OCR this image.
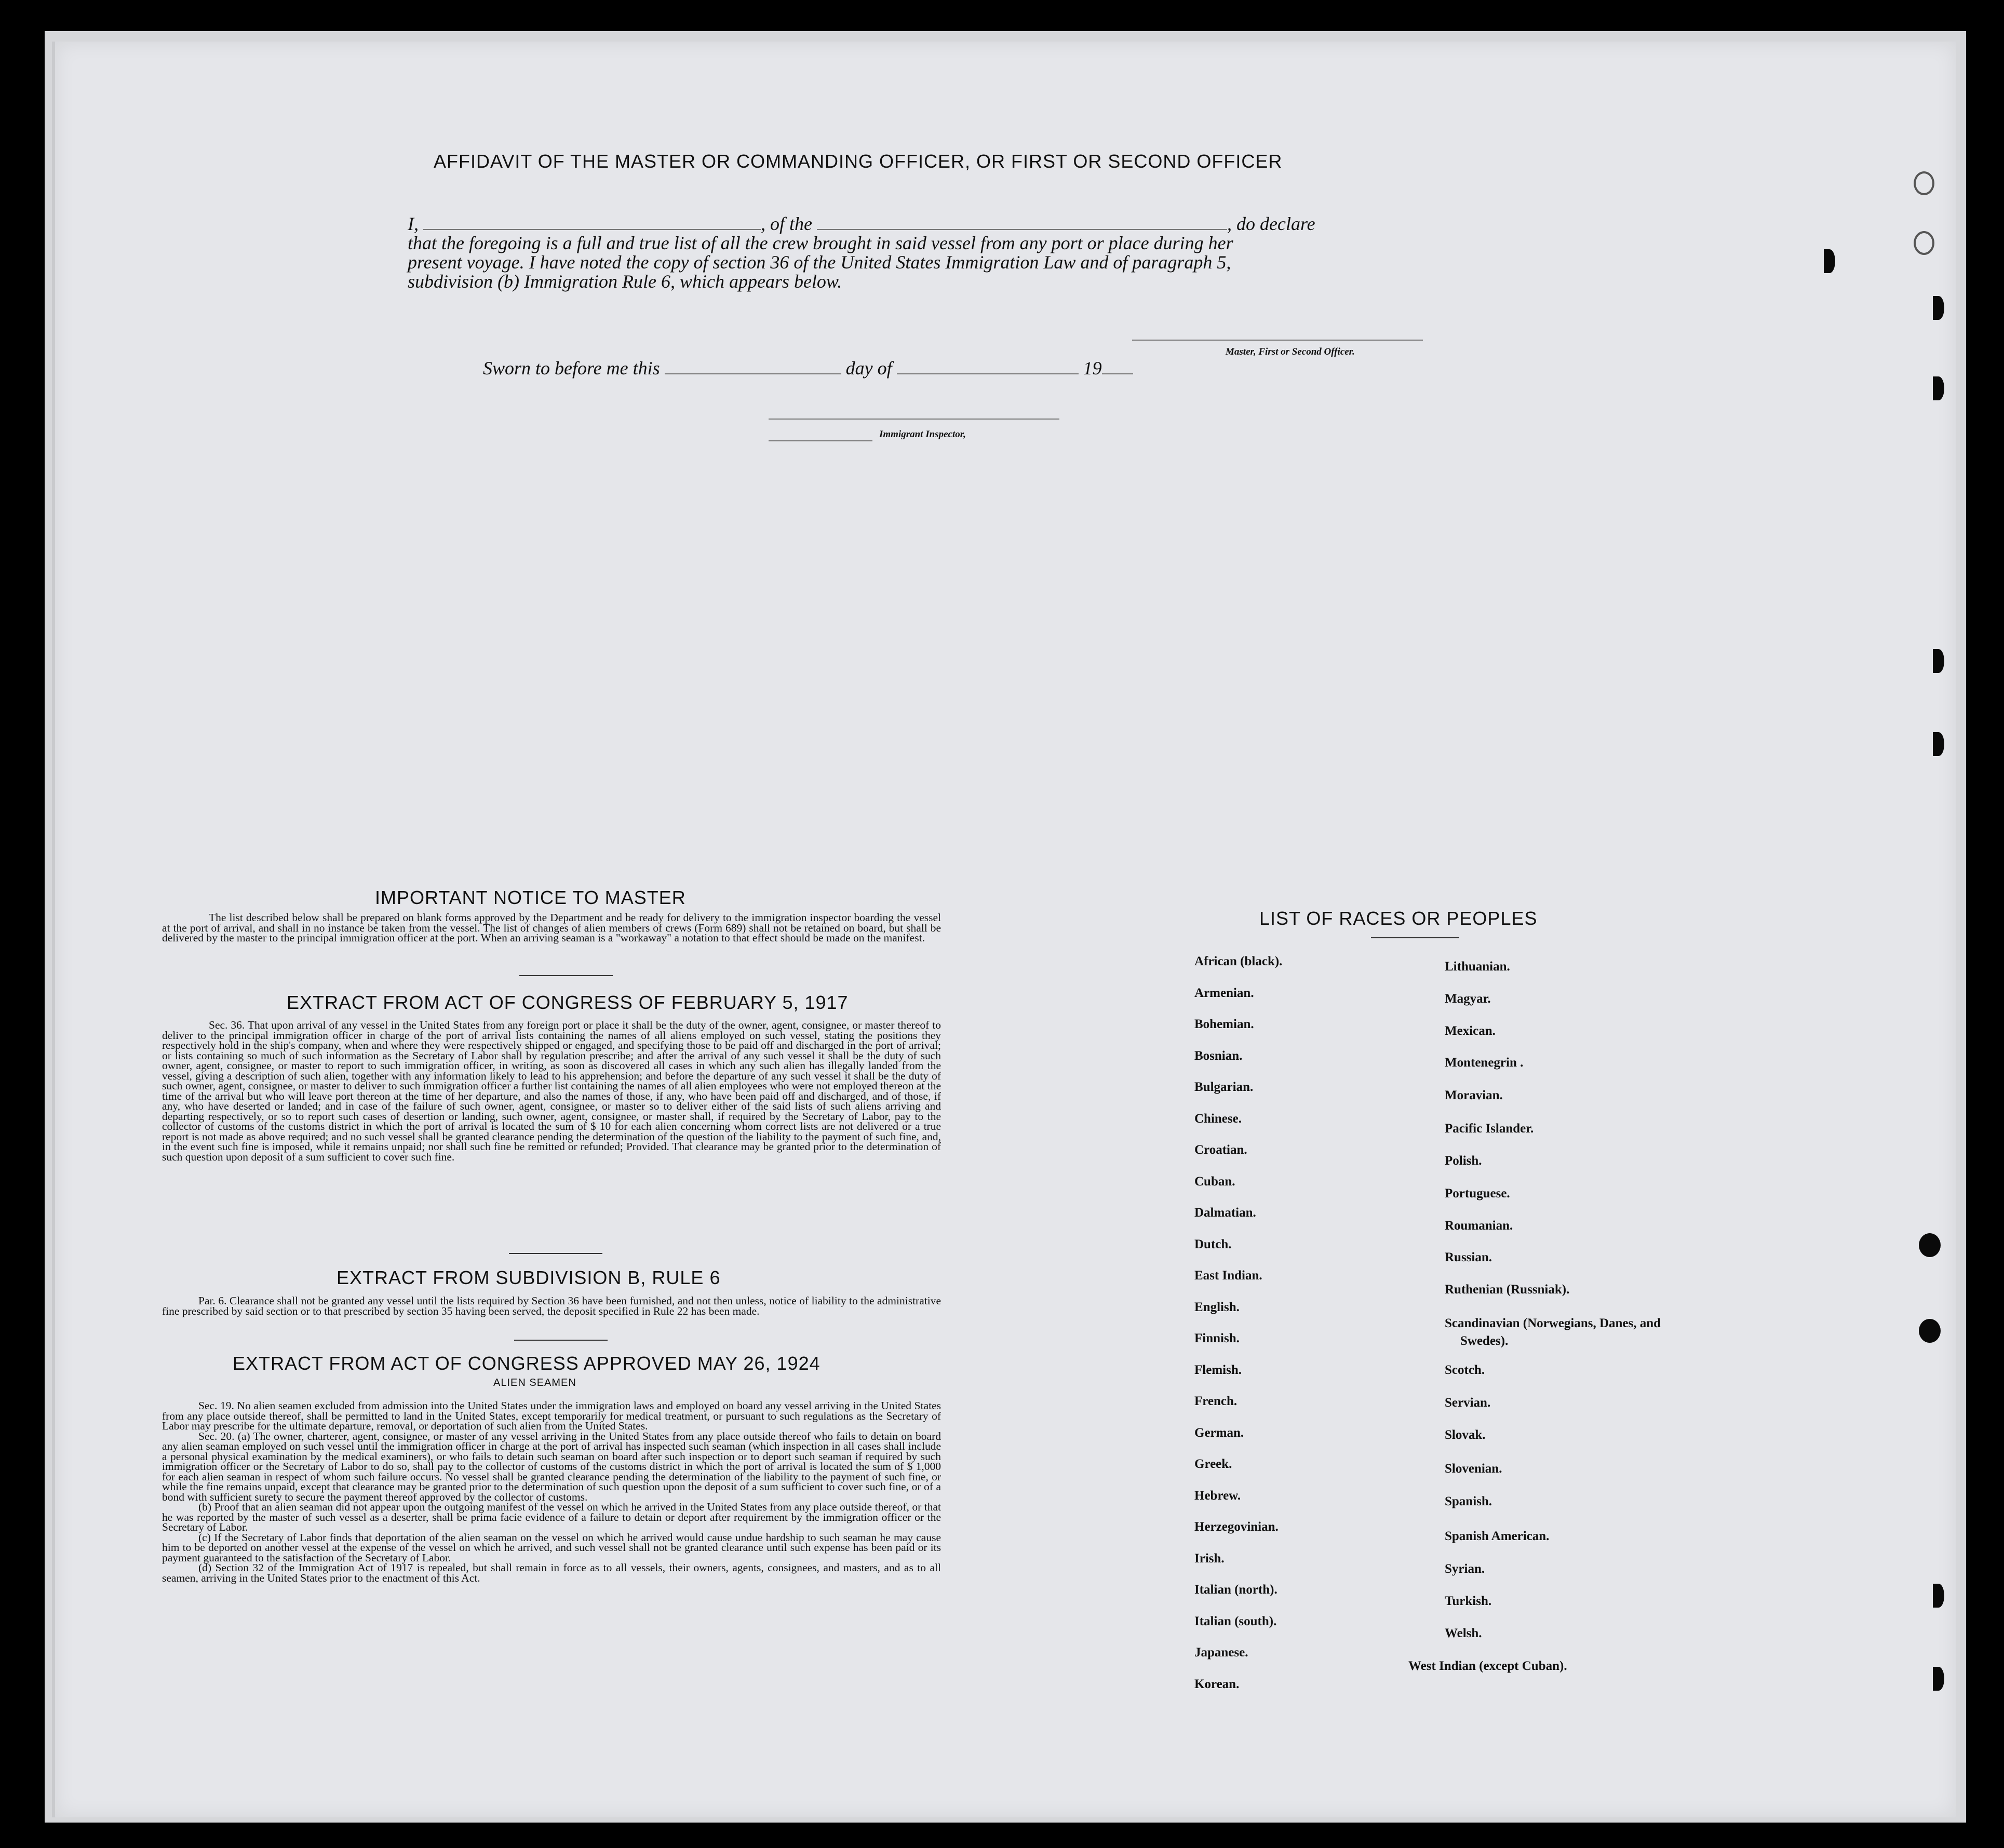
AFFIDAVIT OF THE MASTER OR COMMANDING OFFICER, OR FIRST OR SECOND OFFICER
I,	, of the	, do declare
that the foregoing is a full and true list of all the crew brought in said vessel from any port or place during her
present voyage. I have noted the copy of section 36 of the United States Immigration Law and of paragraph 5,
subdivision (b) Immigration Rule 6, which appears below.
Master, First or Second Officer.
Sworn to before me this	day of	19
Immigrant Inspector,
IMPORTANT NOTICE TO MASTER
The list described below shall be prepared on blank forms approved by the Department and be ready for delivery to the immigration inspector boarding the vessel at the port of arrival, and shall in no instance be taken from the vessel. The list of changes of alien members of crews (Form 689) shall not be retained on board, but shall be delivered by the master to the principal immigration officer at the port. When an arriving seaman is a "workaway" a notation to that effect should be made on the manifest.
EXTRACT FROM ACT OF CONGRESS OF FEBRUARY 5, 1917
Sec. 36. That upon arrival of any vessel in the United States from any foreign port or place it shall be the duty of the owner, agent, consignee, or master thereof to deliver to the principal immigration officer in charge of the port of arrival lists containing the names of all aliens employed on such vessel, stating the positions they respectively hold in the ship's company, when and where they were respectively shipped or engaged, and specifying those to be paid off and discharged in the port of arrival; or lists containing so much of such information as the Secretary of Labor shall by regulation prescribe; and after the arrival of any such vessel it shall be the duty of such owner, agent, consignee, or master to report to such immigration officer, in writing, as soon as discovered all cases in which any such alien has illegally landed from the vessel, giving a description of such alien, together with any information likely to lead to his apprehension; and before the departure of any such vessel it shall be the duty of such owner, agent, consignee, or master to deliver to such immigration officer a further list containing the names of all alien employees who were not employed thereon at the time of the arrival but who will leave port thereon at the time of her departure, and also the names of those, if any, who have been paid off and discharged, and of those, if any, who have deserted or landed; and in case of the failure of such owner, agent, consignee, or master so to deliver either of the said lists of such aliens arriving and departing respectively, or so to report such cases of desertion or landing, such owner, agent, consignee, or master shall, if required by the Secretary of Labor, pay to the collector of customs of the customs district in which the port of arrival is located the sum of $ 10 for each alien concerning whom correct lists are not delivered or a true report is not made as above required; and no such vessel shall be granted clearance pending the determination of the question of the liability to the payment of such fine, and, in the event such fine is imposed, while it remains unpaid; nor shall such fine be remitted or refunded; Provided. That clearance may be granted prior to the determination of such question upon deposit of a sum sufficient to cover such fine.
EXTRACT FROM SUBDIVISION B, RULE 6
Par. 6. Clearance shall not be granted any vessel until the lists required by Section 36 have been furnished, and not then unless, notice of liability to the administrative fine prescribed by said section or to that prescribed by section 35 having been served, the deposit specified in Rule 22 has been made.
EXTRACT FROM ACT OF CONGRESS APPROVED MAY 26, 1924
ALIEN SEAMEN
Sec. 19. No alien seamen excluded from admission into the United States under the immigration laws and employed on board any vessel arriving in the United States from any place outside thereof, shall be permitted to land in the United States, except temporarily for medical treatment, or pursuant to such regulations as the Secretary of Labor may prescribe for the ultimate departure, removal, or deportation of such alien from the United States.
Sec. 20. (a) The owner, charterer, agent, consignee, or master of any vessel arriving in the United States from any place outside thereof who fails to detain on board any alien seaman employed on such vessel until the immigration officer in charge at the port of arrival has inspected such seaman (which inspection in all cases shall include a personal physical examination by the medical examiners), or who fails to detain such seaman on board after such inspection or to deport such seaman if required by such immigration officer or the Secretary of Labor to do so, shall pay to the collector of customs of the customs district in which the port of arrival is located the sum of $ 1,000 for each alien seaman in respect of whom such failure occurs. No vessel shall be granted clearance pending the determination of the liability to the payment of such fine, or while the fine remains unpaid, except that clearance may be granted prior to the determination of such question upon the deposit of a sum sufficient to cover such fine, or of a bond with sufficient surety to secure the payment thereof approved by the collector of customs.
(b) Proof that an alien seaman did not appear upon the outgoing manifest of the vessel on which he arrived in the United States from any place outside thereof, or that he was reported by the master of such vessel as a deserter, shall be prima facie evidence of a failure to detain or deport after requirement by the immigration officer or the Secretary of Labor.
(c) If the Secretary of Labor finds that deportation of the alien seaman on the vessel on which he arrived would cause undue hardship to such seaman he may cause him to be deported on another vessel at the expense of the vessel on which he arrived, and such vessel shall not be granted clearance until such expense has been paid or its payment guaranteed to the satisfaction of the Secretary of Labor.
(d) Section 32 of the Immigration Act of 1917 is repealed, but shall remain in force as to all vessels, their owners, agents, consignees, and masters, and as to all seamen, arriving in the United States prior to the enactment of this Act.
LIST OF RACES OR PEOPLES
African (black).
Armenian.
Bohemian.
Bosnian.
Bulgarian.
Chinese.
Croatian.
Cuban.
Dalmatian.
Dutch.
East Indian.
English.
Finnish.
Flemish.
French.
German.
Greek.
Hebrew.
Herzegovinian.
Irish.
Italian (north).
Italian (south).
Japanese.
Korean.
Lithuanian.
Magyar.
Mexican.
Montenegrin .
Moravian.
Pacific Islander.
Polish.
Portuguese.
Roumanian.
Russian.
Ruthenian (Russniak).
Scotch.
Servian.
Slovak.
Slovenian.
Spanish.
Spanish American.
Syrian.
Turkish.
Welsh.
Scandinavian (Norwegians, Danes, and Swedes).
West Indian (except Cuban).
